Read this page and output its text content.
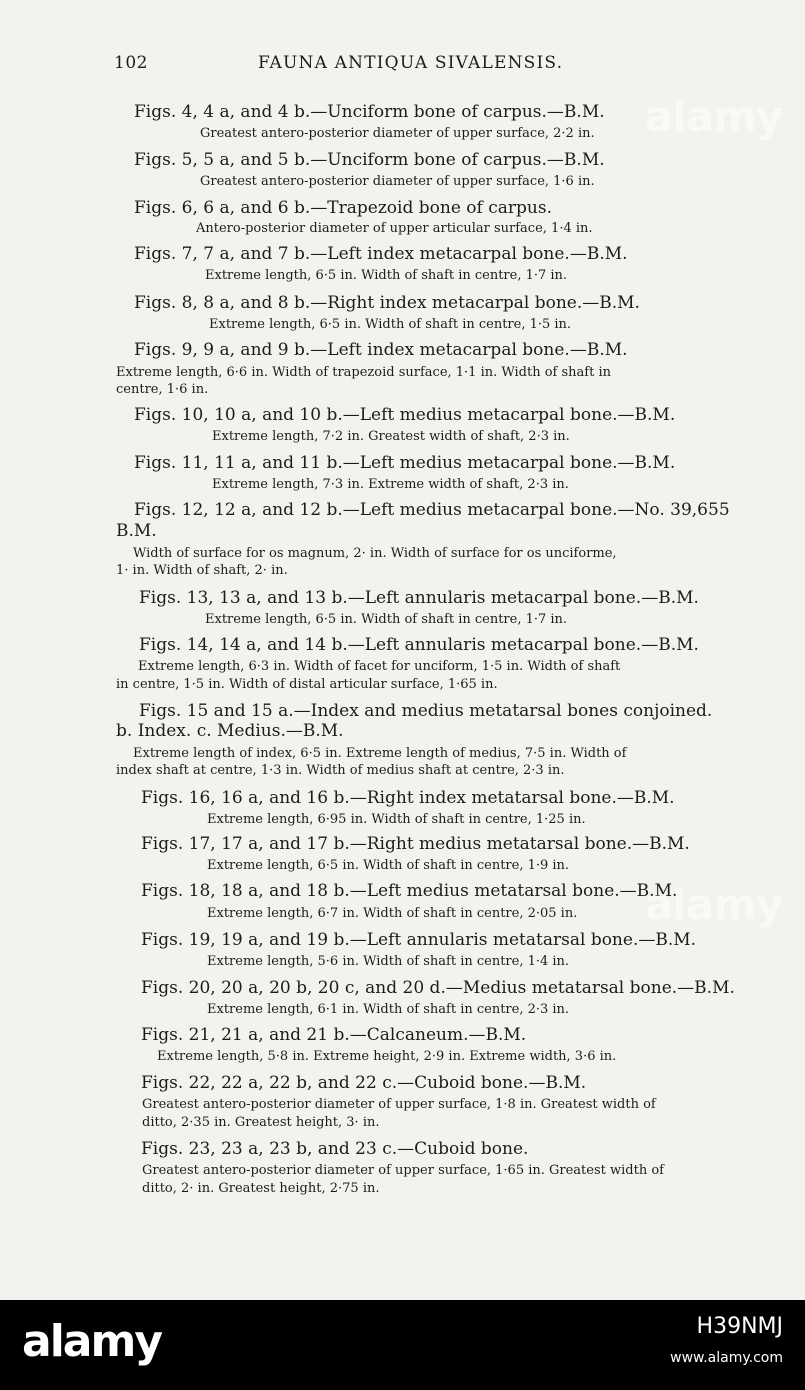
102	FAUNA ANTIQUA SIVALENSIS.
Figs. 4, 4 a, and 4 b.—Unciform bone of carpus.—B.M.
Greatest antero-posterior diameter of upper surface, 2·2 in.
Figs. 5, 5 a, and 5 b.—Unciform bone of carpus.—B.M.
Greatest antero-posterior diameter of upper surface, 1·6 in.
Figs. 6, 6 a, and 6 b.—Trapezoid bone of carpus.
Antero-posterior diameter of upper articular surface, 1·4 in.
Figs. 7, 7 a, and 7 b.—Left index metacarpal bone.—B.M.
Extreme length, 6·5 in. Width of shaft in centre, 1·7 in.
Figs. 8, 8 a, and 8 b.—Right index metacarpal bone.—B.M.
Extreme length, 6·5 in. Width of shaft in centre, 1·5 in.
Figs. 9, 9 a, and 9 b.—Left index metacarpal bone.—B.M.
Extreme length, 6·6 in. Width of trapezoid surface, 1·1 in. Width of shaft in
centre, 1·6 in.
Figs. 10, 10 a, and 10 b.—Left medius metacarpal bone.—B.M.
Extreme length, 7·2 in. Greatest width of shaft, 2·3 in.
Figs. 11, 11 a, and 11 b.—Left medius metacarpal bone.—B.M.
Extreme length, 7·3 in. Extreme width of shaft, 2·3 in.
Figs. 12, 12 a, and 12 b.—Left medius metacarpal bone.—No. 39,655
B.M.
Width of surface for os magnum, 2· in. Width of surface for os unciforme,
1· in. Width of shaft, 2· in.
Figs. 13, 13 a, and 13 b.—Left annularis metacarpal bone.—B.M.
Extreme length, 6·5 in. Width of shaft in centre, 1·7 in.
Figs. 14, 14 a, and 14 b.—Left annularis metacarpal bone.—B.M.
Extreme length, 6·3 in. Width of facet for unciform, 1·5 in. Width of shaft
in centre, 1·5 in. Width of distal articular surface, 1·65 in.
Figs. 15 and 15 a.—Index and medius metatarsal bones conjoined.
b. Index. c. Medius.—B.M.
Extreme length of index, 6·5 in. Extreme length of medius, 7·5 in. Width of
index shaft at centre, 1·3 in. Width of medius shaft at centre, 2·3 in.
Figs. 16, 16 a, and 16 b.—Right index metatarsal bone.—B.M.
Extreme length, 6·95 in. Width of shaft in centre, 1·25 in.
Figs. 17, 17 a, and 17 b.—Right medius metatarsal bone.—B.M.
Extreme length, 6·5 in. Width of shaft in centre, 1·9 in.
Figs. 18, 18 a, and 18 b.—Left medius metatarsal bone.—B.M.
Extreme length, 6·7 in. Width of shaft in centre, 2·05 in.
Figs. 19, 19 a, and 19 b.—Left annularis metatarsal bone.—B.M.
Extreme length, 5·6 in. Width of shaft in centre, 1·4 in.
Figs. 20, 20 a, 20 b, 20 c, and 20 d.—Medius metatarsal bone.—B.M.
Extreme length, 6·1 in. Width of shaft in centre, 2·3 in.
Figs. 21, 21 a, and 21 b.—Calcaneum.—B.M.
Extreme length, 5·8 in. Extreme height, 2·9 in. Extreme width, 3·6 in.
Figs. 22, 22 a, 22 b, and 22 c.—Cuboid bone.—B.M.
Greatest antero-posterior diameter of upper surface, 1·8 in. Greatest width of
ditto, 2·35 in. Greatest height, 3· in.
Figs. 23, 23 a, 23 b, and 23 c.—Cuboid bone.
Greatest antero-posterior diameter of upper surface, 1·65 in. Greatest width of
ditto, 2· in. Greatest height, 2·75 in.
alamy
alamy
alamy	H39NMJ
www.alamy.com
